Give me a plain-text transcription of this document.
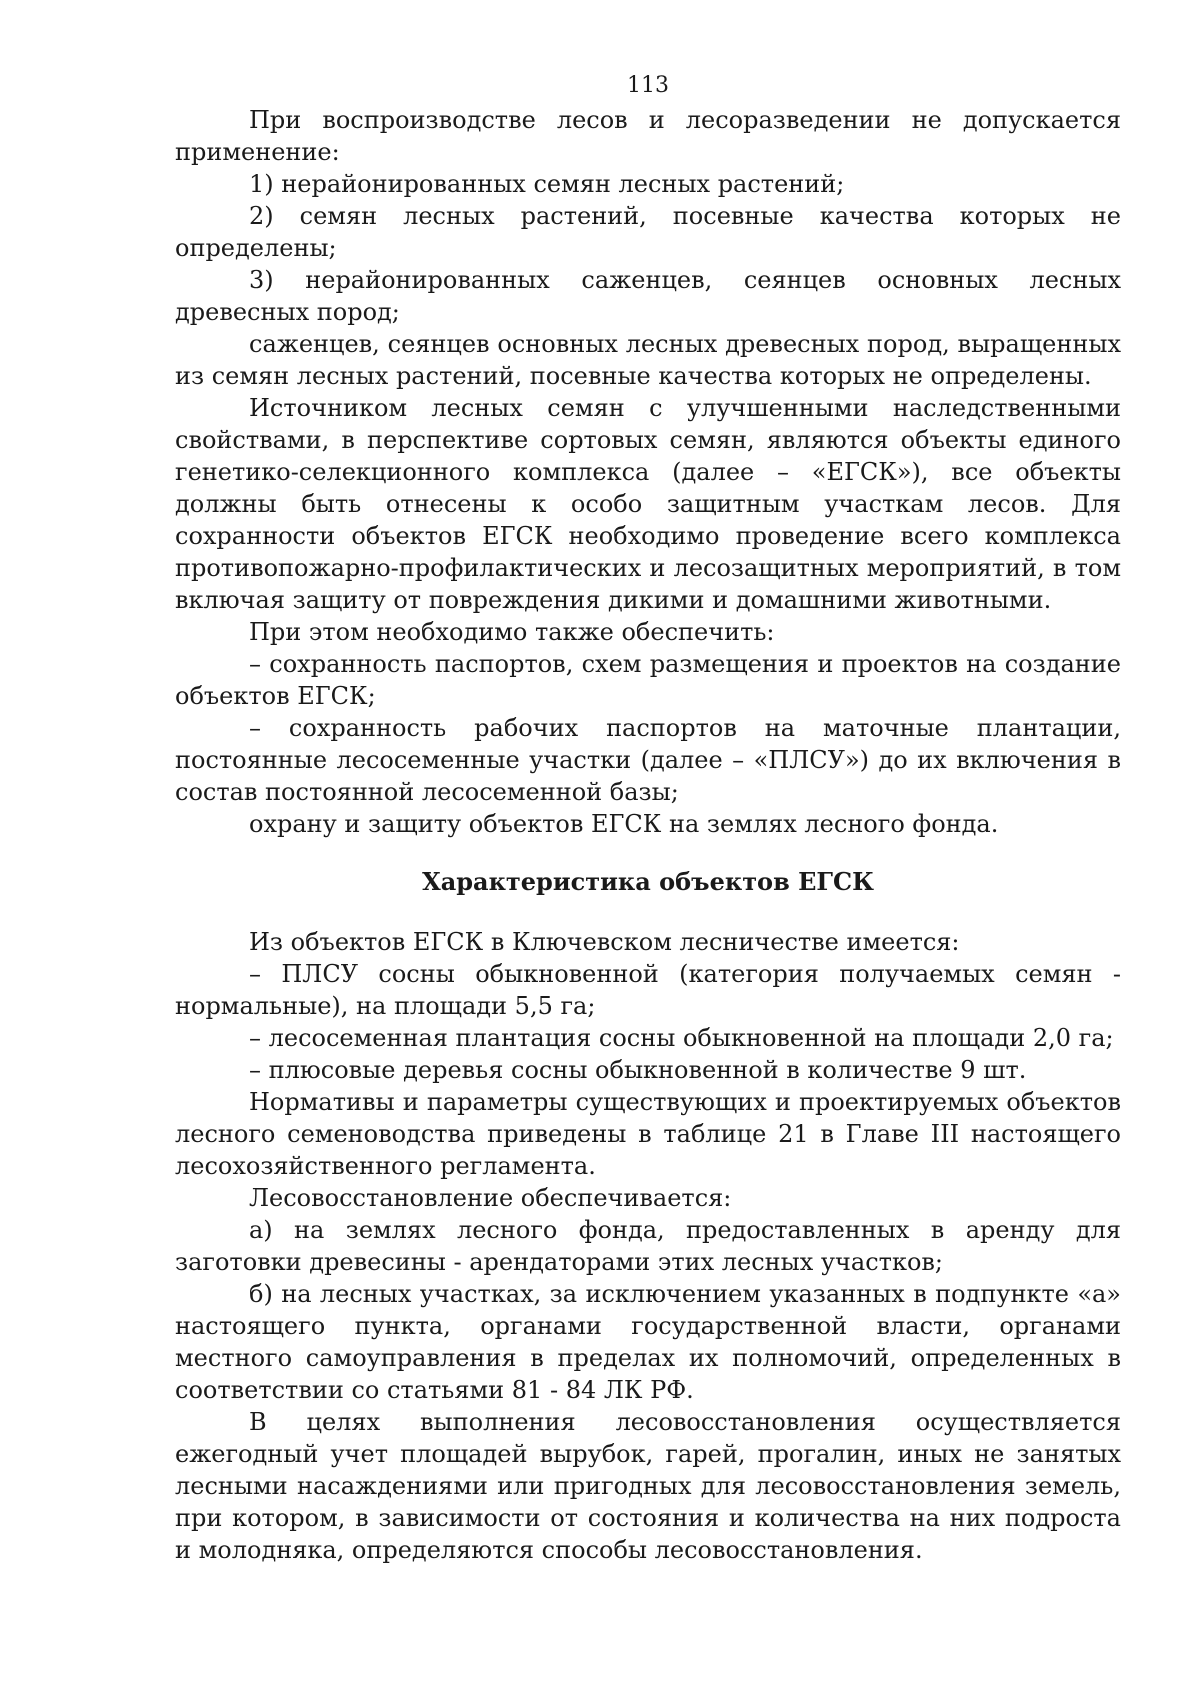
113

При воспроизводстве лесов и лесоразведении не допускается применение:

1) нерайонированных семян лесных растений;

2) семян лесных растений, посевные качества которых не определены;

3) нерайонированных саженцев, сеянцев основных лесных древесных пород;

саженцев, сеянцев основных лесных древесных пород, выращенных из семян лесных растений, посевные качества которых не определены.

Источником лесных семян с улучшенными наследственными свойствами, в перспективе сортовых семян, являются объекты единого генетико-селекционного комплекса (далее – «ЕГСК»), все объекты должны быть отнесены к особо защитным участкам лесов. Для сохранности объектов ЕГСК необходимо проведение всего комплекса противопожарно-профилактических и лесозащитных мероприятий, в том включая защиту от повреждения дикими и домашними животными.

При этом необходимо также обеспечить:

– сохранность паспортов, схем размещения и проектов на создание объектов ЕГСК;

– сохранность рабочих паспортов на маточные плантации, постоянные лесосеменные участки (далее – «ПЛСУ») до их включения в состав постоянной лесосеменной базы;

охрану и защиту объектов ЕГСК на землях лесного фонда.

Характеристика объектов ЕГСК

Из объектов ЕГСК в Ключевском лесничестве имеется:

– ПЛСУ сосны обыкновенной (категория получаемых семян - нормальные), на площади 5,5 га;

– лесосеменная плантация сосны обыкновенной на площади 2,0 га;

– плюсовые деревья сосны обыкновенной в количестве 9 шт.

Нормативы и параметры существующих и проектируемых объектов лесного семеноводства приведены в таблице 21 в Главе III настоящего лесохозяйственного регламента.

Лесовосстановление обеспечивается:

а) на землях лесного фонда, предоставленных в аренду для заготовки древесины - арендаторами этих лесных участков;

б) на лесных участках, за исключением указанных в подпункте «а» настоящего пункта, органами государственной власти, органами местного самоуправления в пределах их полномочий, определенных в соответствии со статьями 81 - 84 ЛК РФ.

В целях выполнения лесовосстановления осуществляется ежегодный учет площадей вырубок, гарей, прогалин, иных не занятых лесными насаждениями или пригодных для лесовосстановления земель, при котором, в зависимости от состояния и количества на них подроста и молодняка, определяются способы лесовосстановления.
